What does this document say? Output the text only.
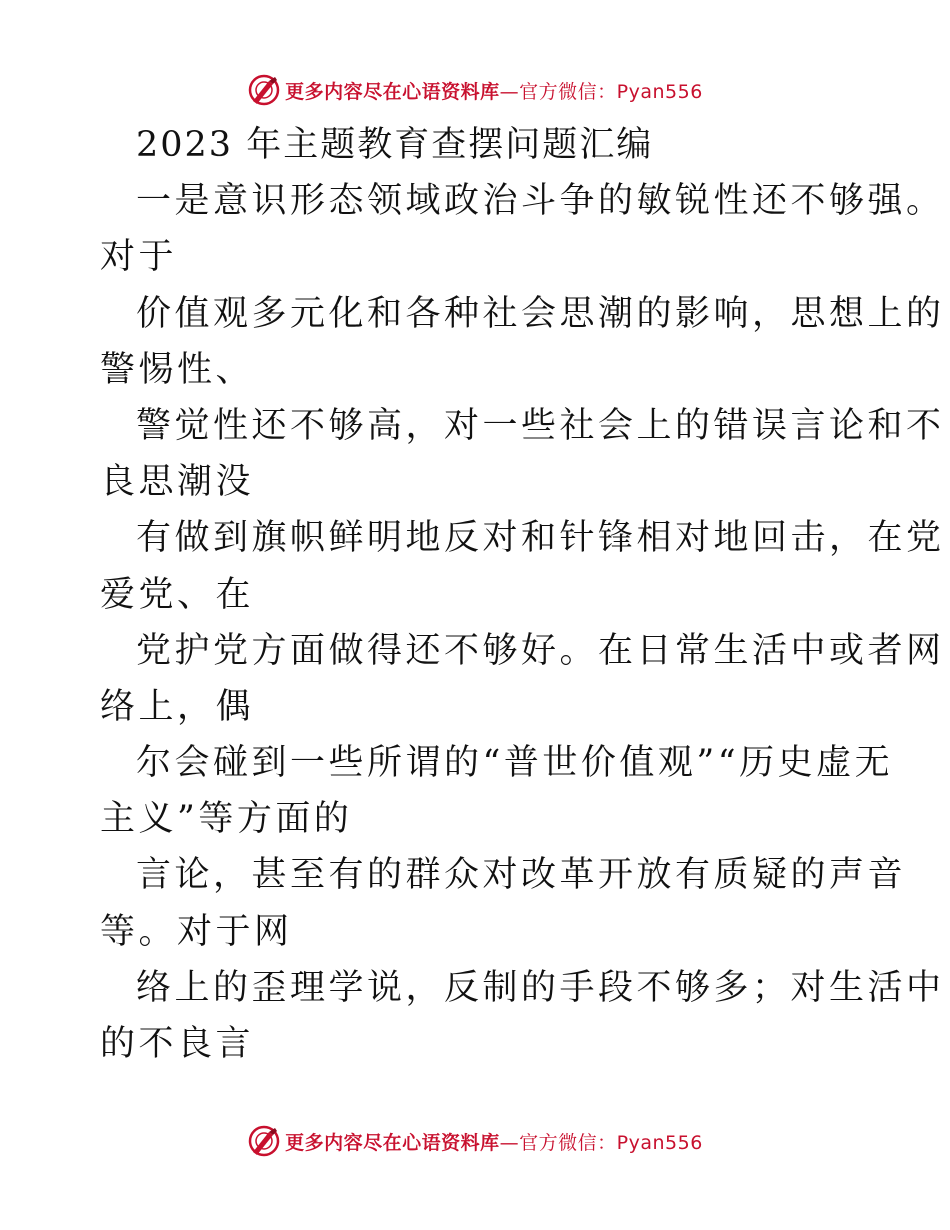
更多内容尽在心语资料库—官方微信：Pyan556
2023 年主题教育查摆问题汇编
一是意识形态领域政治斗争的敏锐性还不够强。
对于
价值观多元化和各种社会思潮的影响，思想上的
警惕性、
警觉性还不够高，对一些社会上的错误言论和不
良思潮没
有做到旗帜鲜明地反对和针锋相对地回击，在党
爱党、在
党护党方面做得还不够好。在日常生活中或者网
络上，偶
尔会碰到一些所谓的“普世价值观”“历史虚无
主义”等方面的
言论，甚至有的群众对改革开放有质疑的声音
等。对于网
络上的歪理学说，反制的手段不够多；对生活中
的不良言
更多内容尽在心语资料库—官方微信：Pyan556
